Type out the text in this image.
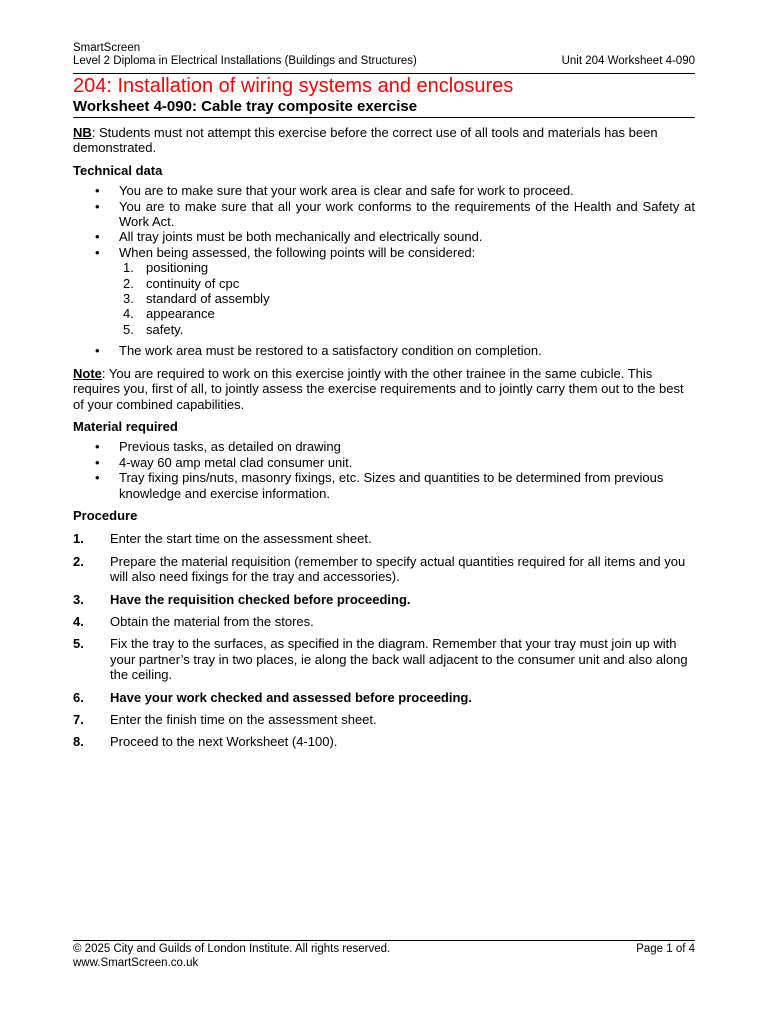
SmartScreen
Level 2 Diploma in Electrical Installations (Buildings and Structures)	Unit 204 Worksheet 4-090
204: Installation of wiring systems and enclosures
Worksheet 4-090: Cable tray composite exercise

NB: Students must not attempt this exercise before the correct use of all tools and materials has been demonstrated.

Technical data
• You are to make sure that your work area is clear and safe for work to proceed.
• You are to make sure that all your work conforms to the requirements of the Health and Safety at Work Act.
• All tray joints must be both mechanically and electrically sound.
• When being assessed, the following points will be considered:
1. positioning
2. continuity of cpc
3. standard of assembly
4. appearance
5. safety.
• The work area must be restored to a satisfactory condition on completion.

Note: You are required to work on this exercise jointly with the other trainee in the same cubicle. This requires you, first of all, to jointly assess the exercise requirements and to jointly carry them out to the best of your combined capabilities.

Material required
• Previous tasks, as detailed on drawing
• 4-way 60 amp metal clad consumer unit.
• Tray fixing pins/nuts, masonry fixings, etc. Sizes and quantities to be determined from previous knowledge and exercise information.
Procedure
1. Enter the start time on the assessment sheet.
2. Prepare the material requisition (remember to specify actual quantities required for all items and you will also need fixings for the tray and accessories).
3. Have the requisition checked before proceeding.
4. Obtain the material from the stores.
5. Fix the tray to the surfaces, as specified in the diagram. Remember that your tray must join up with your partner’s tray in two places, ie along the back wall adjacent to the consumer unit and also along the ceiling.
6. Have your work checked and assessed before proceeding.
7. Enter the finish time on the assessment sheet.
8. Proceed to the next Worksheet (4-100).
© 2025 City and Guilds of London Institute. All rights reserved.	Page 1 of 4
www.SmartScreen.co.uk
